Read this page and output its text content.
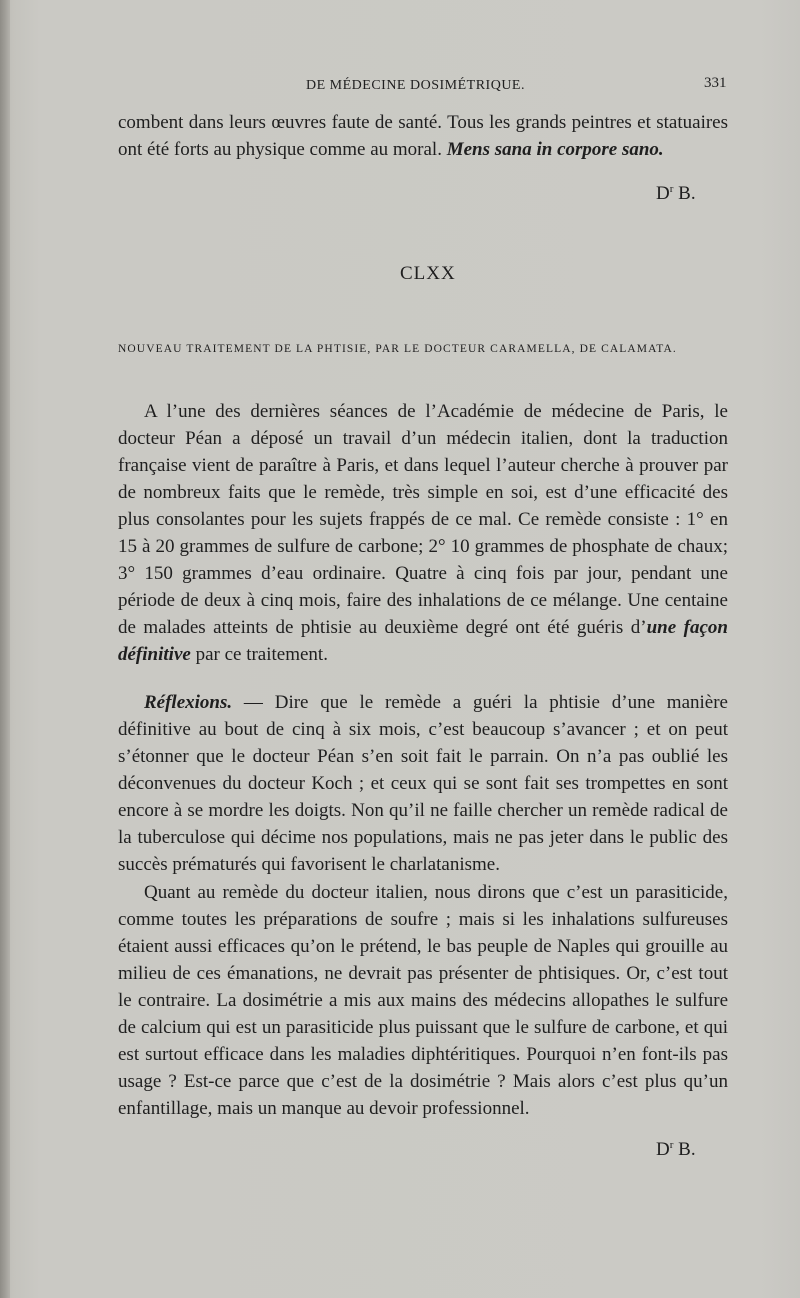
DE MÉDECINE DOSIMÉTRIQUE.	331
combent dans leurs œuvres faute de santé. Tous les grands peintres et statuaires ont été forts au physique comme au moral. Mens sana in corpore sano.
$D^r$ B.
CLXX
NOUVEAU TRAITEMENT DE LA PHTISIE, PAR LE DOCTEUR CARAMELLA, DE CALAMATA.
A l’une des dernières séances de l’Académie de médecine de Paris, le docteur Péan a déposé un travail d’un médecin italien, dont la traduction française vient de paraître à Paris, et dans lequel l’auteur cherche à prouver par de nombreux faits que le remède, très simple en soi, est d’une efficacité des plus consolantes pour les sujets frappés de ce mal. Ce remède consiste : 1° en 15 à 20 grammes de sulfure de carbone; 2° 10 grammes de phosphate de chaux; 3° 150 grammes d’eau ordinaire. Quatre à cinq fois par jour, pendant une période de deux à cinq mois, faire des inhalations de ce mélange. Une centaine de malades atteints de phtisie au deuxième degré ont été guéris d’une façon définitive par ce traitement.
Réflexions. — Dire que le remède a guéri la phtisie d’une manière définitive au bout de cinq à six mois, c’est beaucoup s’avancer ; et on peut s’étonner que le docteur Péan s’en soit fait le parrain. On n’a pas oublié les déconvenues du docteur Koch ; et ceux qui se sont fait ses trompettes en sont encore à se mordre les doigts. Non qu’il ne faille chercher un remède radical de la tuberculose qui décime nos populations, mais ne pas jeter dans le public des succès prématurés qui favorisent le charlatanisme.
Quant au remède du docteur italien, nous dirons que c’est un parasiticide, comme toutes les préparations de soufre ; mais si les inhalations sulfureuses étaient aussi efficaces qu’on le prétend, le bas peuple de Naples qui grouille au milieu de ces émanations, ne devrait pas présenter de phtisiques. Or, c’est tout le contraire. La dosimétrie a mis aux mains des médecins allopathes le sulfure de calcium qui est un parasiticide plus puissant que le sulfure de carbone, et qui est surtout efficace dans les maladies diphtéritiques. Pourquoi n’en font-ils pas usage ? Est-ce parce que c’est de la dosimétrie ? Mais alors c’est plus qu’un enfantillage, mais un manque au devoir professionnel.
$D^r$ B.
